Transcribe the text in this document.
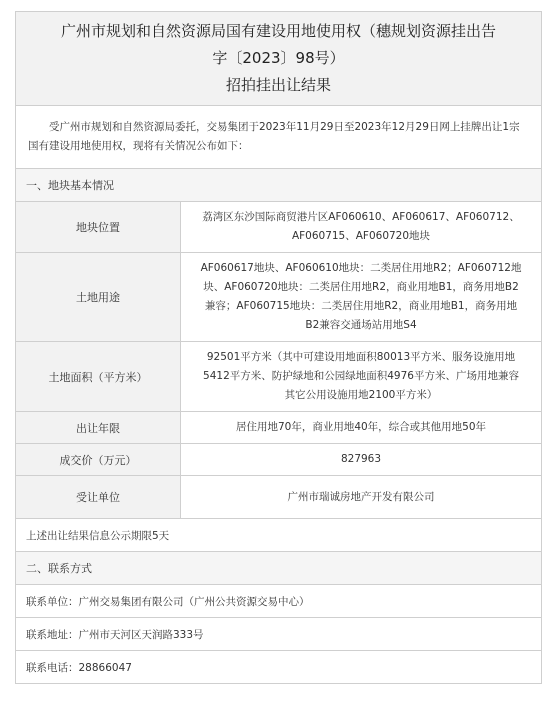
广州市规划和自然资源局国有建设用地使用权（穗规划资源挂出告
字〔2023〕98号）

招拍挂出让结果	

受广州市规划和自然资源局委托，交易集团于2023年11月29日至2023年12月29日网上挂牌出让1宗国有建设用地使用权，现将有关情况公布如下：	
一、地块基本情况	
地块位置	荔湾区东沙国际商贸港片区AF060610、AF060617、AF060712、AF060715、AF060720地块
土地用途	AF060617地块、AF060610地块：二类居住用地R2；AF060712地块、AF060720地块：二类居住用地R2，商业用地B1，商务用地B2兼容；AF060715地块：二类居住用地R2，商业用地B1，商务用地B2兼容交通场站用地S4
土地面积（平方米）	92501平方米（其中可建设用地面积80013平方米、服务设施用地5412平方米、防护绿地和公园绿地面积4976平方米、广场用地兼容其它公用设施用地2100平方米）
出让年限	居住用地70年，商业用地40年，综合或其他用地50年
成交价（万元）	827963
受让单位	广州市瑞诚房地产开发有限公司
上述出让结果信息公示期限5天	
二、联系方式	
联系单位：广州交易集团有限公司（广州公共资源交易中心）	
联系地址：广州市天河区天润路333号	
联系电话：28866047	
